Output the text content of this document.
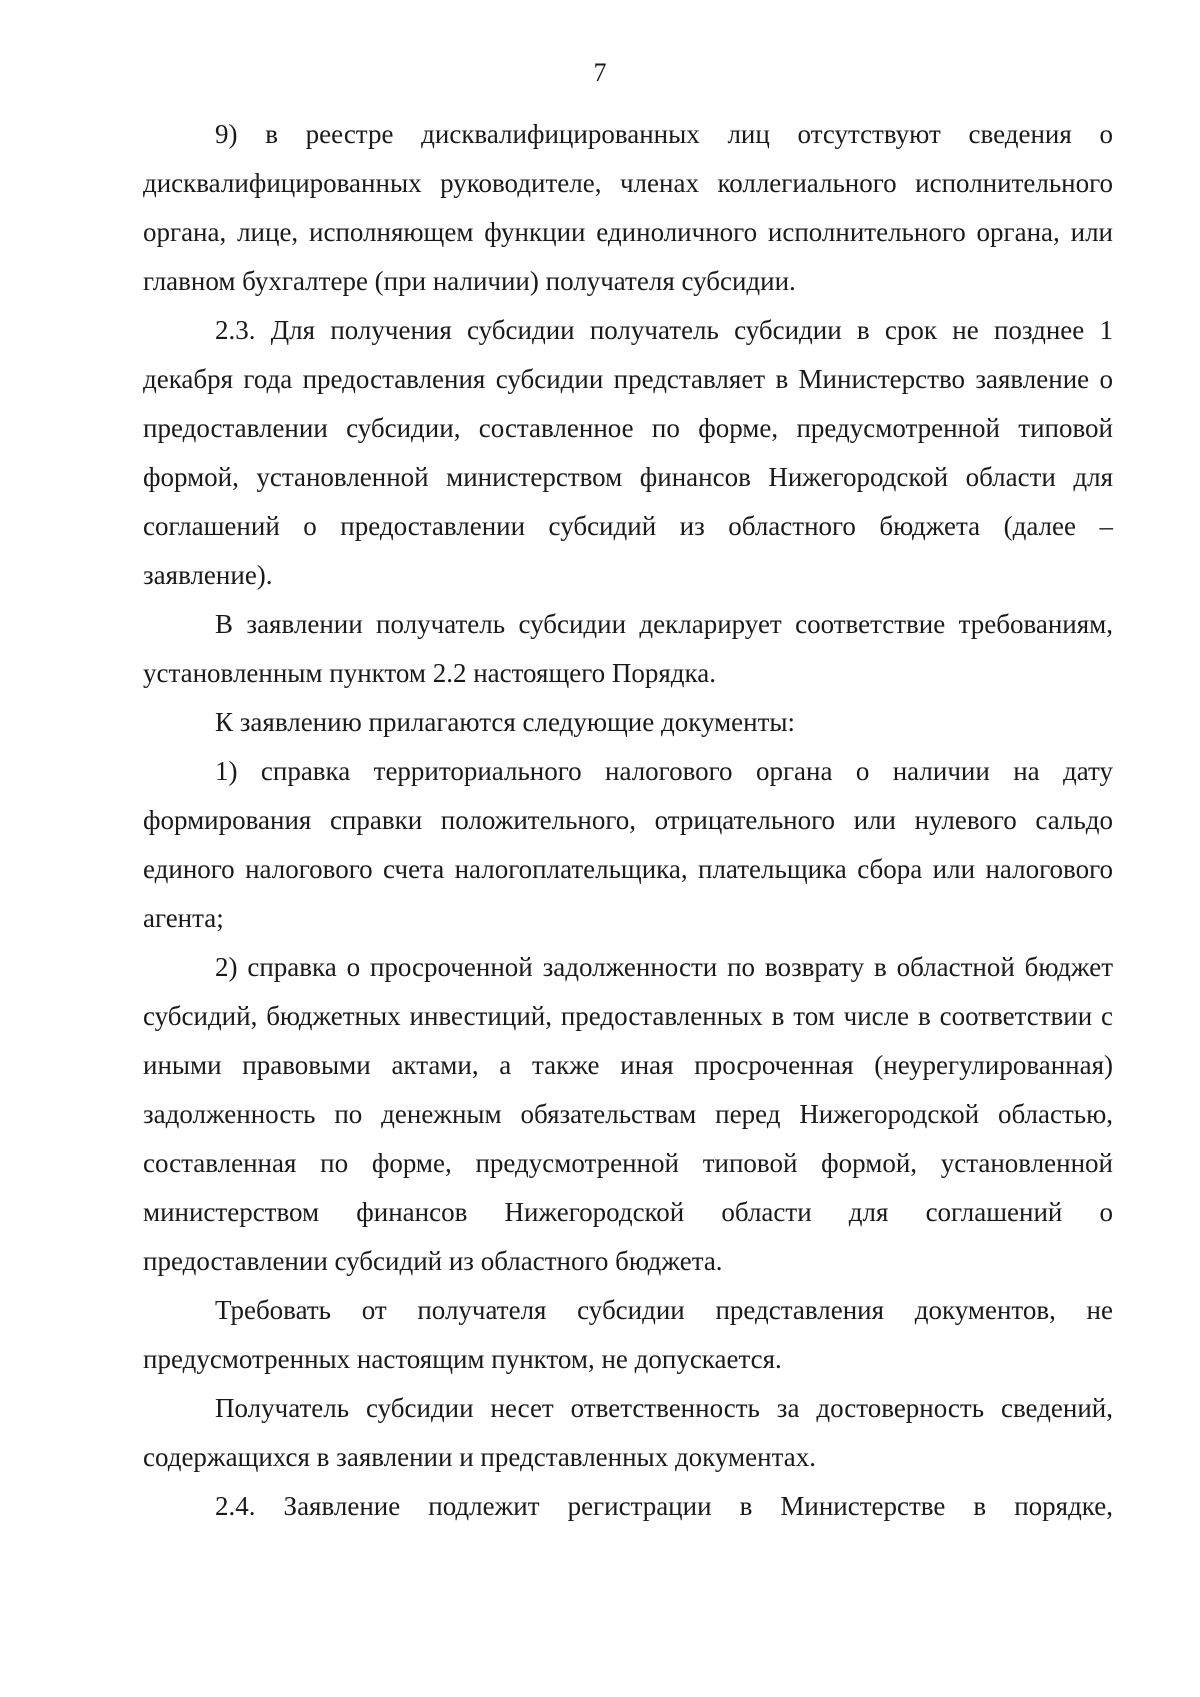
7

9) в реестре дисквалифицированных лиц отсутствуют сведения о дисквалифицированных руководителе, членах коллегиального исполнительного органа, лице, исполняющем функции единоличного исполнительного органа, или главном бухгалтере (при наличии) получателя субсидии.

2.3. Для получения субсидии получатель субсидии в срок не позднее 1 декабря года предоставления субсидии представляет в Министерство заявление о предоставлении субсидии, составленное по форме, предусмотренной типовой формой, установленной министерством финансов Нижегородской области для соглашений о предоставлении субсидий из областного бюджета (далее – заявление).

В заявлении получатель субсидии декларирует соответствие требованиям, установленным пунктом 2.2 настоящего Порядка.

К заявлению прилагаются следующие документы:

1) справка территориального налогового органа о наличии на дату формирования справки положительного, отрицательного или нулевого сальдо единого налогового счета налогоплательщика, плательщика сбора или налогового агента;

2) справка о просроченной задолженности по возврату в областной бюджет субсидий, бюджетных инвестиций, предоставленных в том числе в соответствии с иными правовыми актами, а также иная просроченная (неурегулированная) задолженность по денежным обязательствам перед Нижегородской областью, составленная по форме, предусмотренной типовой формой, установленной министерством финансов Нижегородской области для соглашений о предоставлении субсидий из областного бюджета.

Требовать от получателя субсидии представления документов, не предусмотренных настоящим пунктом, не допускается.

Получатель субсидии несет ответственность за достоверность сведений, содержащихся в заявлении и представленных документах.

2.4. Заявление подлежит регистрации в Министерстве в порядке,
